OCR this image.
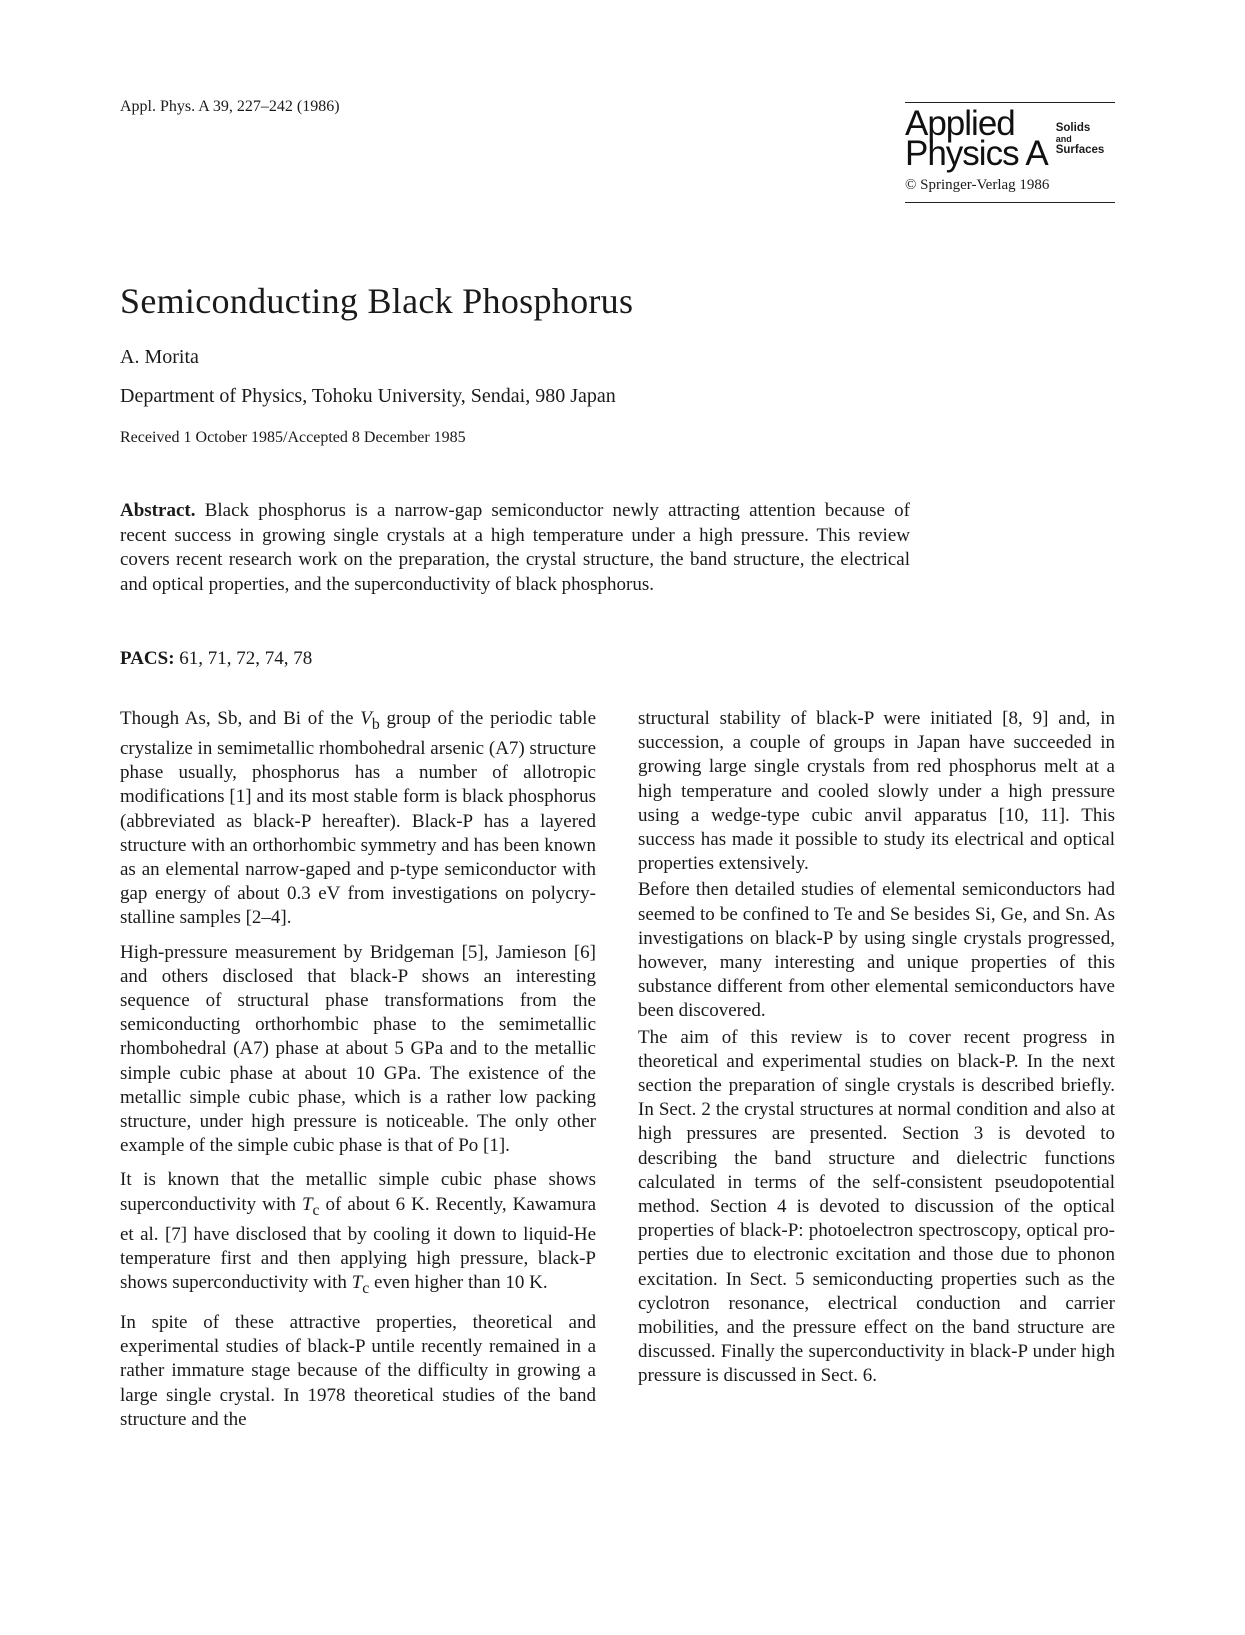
Appl. Phys. A 39, 227–242 (1986)	Applied
Physics A
Solids
and
Surfaces
© Springer-Verlag 1986
Semiconducting Black Phosphorus
A. Morita
Department of Physics, Tohoku University, Sendai, 980 Japan
Received 1 October 1985/Accepted 8 December 1985
Abstract. Black phosphorus is a narrow-gap semiconductor newly attracting attention because of recent success in growing single crystals at a high temperature under a high pressure. This review covers recent research work on the preparation, the crystal structure, the band structure, the electrical and optical properties, and the superconductivity of black phosphorus.
PACS: 61, 71, 72, 74, 78

Though As, Sb, and Bi of the $V_b$ group of the periodic table crystalize in semimetallic rhombohedral arsenic (A7) structure phase usually, phosphorus has a number of allotropic modifications [1] and its most stable form is black phosphorus (abbreviated as black-P hereafter). Black-P has a layered structure with an orthorhombic symmetry and has been known as an elemental narrow-gaped and p-type semiconductor with gap energy of about 0.3 eV from investigations on polycrystalline samples [2–4].

High-pressure measurement by Bridgeman [5], Jamieson [6] and others disclosed that black-P shows an interesting sequence of structural phase transformations from the semiconducting orthorhombic phase to the semimetallic rhombohedral (A7) phase at about 5 GPa and to the metallic simple cubic phase at about 10 GPa. The existence of the metallic simple cubic phase, which is a rather low packing structure, under high pressure is noticeable. The only other example of the simple cubic phase is that of Po [1].

It is known that the metallic simple cubic phase shows superconductivity with $T_c$ of about 6 K. Recently, Kawamura et al. [7] have disclosed that by cooling it down to liquid-He temperature first and then applying high pressure, black-P shows superconductivity with $T_c$ even higher than 10 K.

In spite of these attractive properties, theoretical and experimental studies of black-P untile recently remained in a rather immature stage because of the difficulty in growing a large single crystal. In 1978 theoretical studies of the band structure and the

structural stability of black-P were initiated [8, 9] and, in succession, a couple of groups in Japan have succeeded in growing large single crystals from red phosphorus melt at a high temperature and cooled slowly under a high pressure using a wedge-type cubic anvil apparatus [10, 11]. This success has made it possible to study its electrical and optical properties extensively.

Before then detailed studies of elemental semiconductors had seemed to be confined to Te and Se besides Si, Ge, and Sn. As investigations on black-P by using single crystals progressed, however, many interesting and unique properties of this substance different from other elemental semiconductors have been discovered.

The aim of this review is to cover recent progress in theoretical and experimental studies on black-P. In the next section the preparation of single crystals is described briefly. In Sect. 2 the crystal structures at normal condition and also at high pressures are presented. Section 3 is devoted to describing the band structure and dielectric functions calculated in terms of the self-consistent pseudopotential method. Section 4 is devoted to discussion of the optical properties of black-P: photoelectron spectroscopy, optical properties due to electronic excitation and those due to phonon excitation. In Sect. 5 semiconducting properties such as the cyclotron resonance, electrical conduction and carrier mobilities, and the pressure effect on the band structure are discussed. Finally the superconductivity in black-P under high pressure is discussed in Sect. 6.
